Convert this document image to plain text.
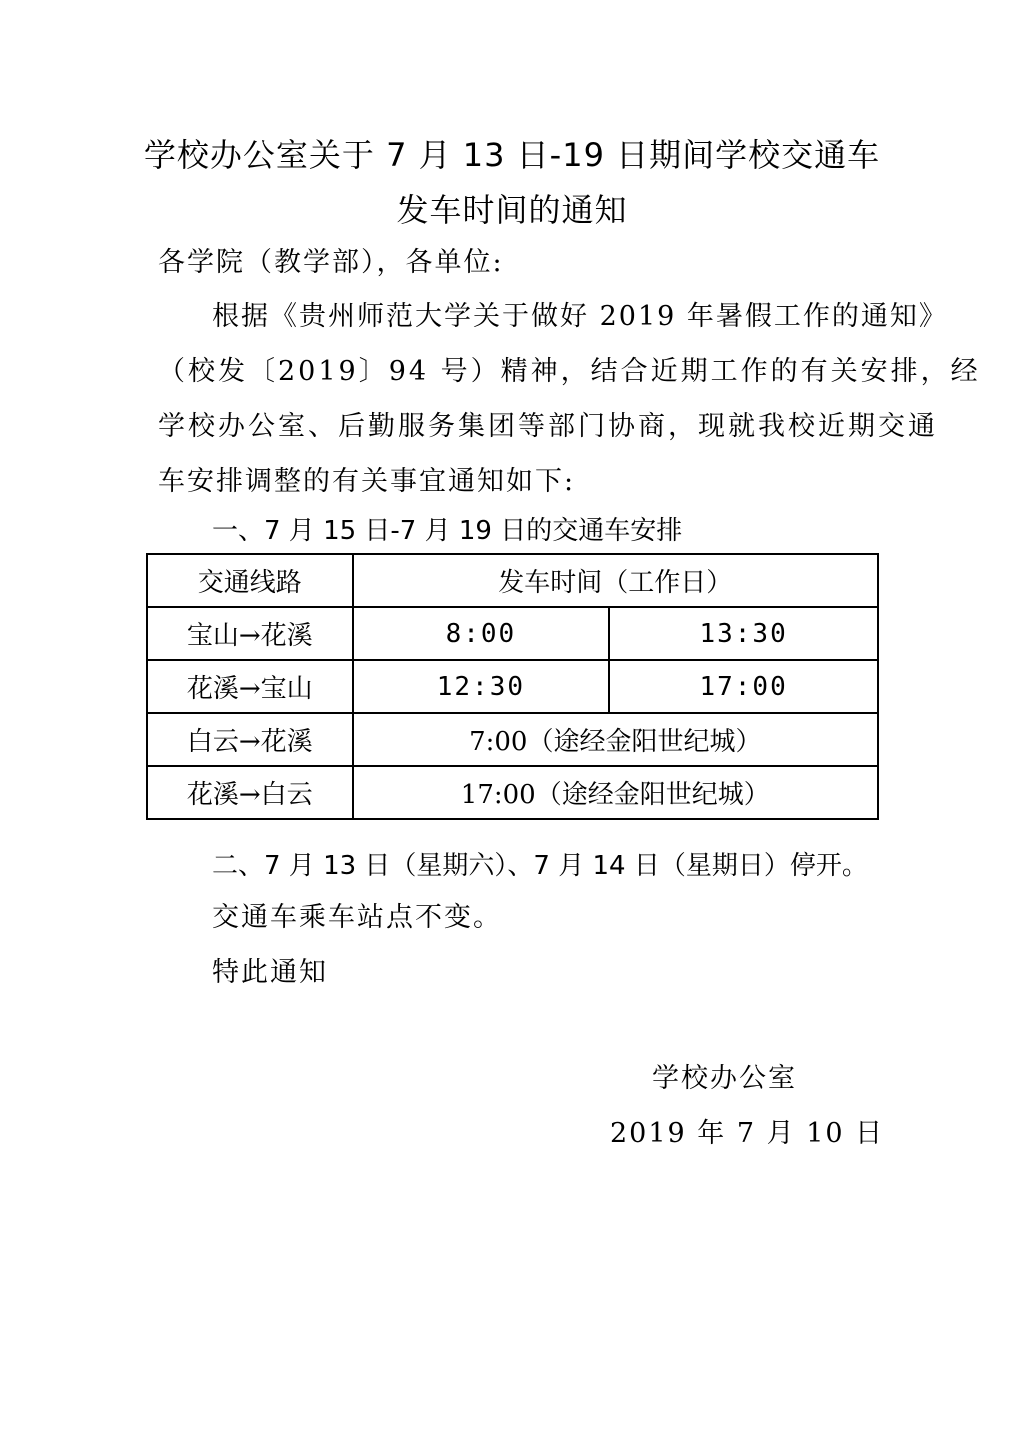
学校办公室关于 7 月 13 日-19 日期间学校交通车
发车时间的通知
各学院（教学部），各单位:
根据《贵州师范大学关于做好 2019 年暑假工作的通知》
（校发〔2019〕94 号）精神，结合近期工作的有关安排，经
学校办公室、后勤服务集团等部门协商，现就我校近期交通
车安排调整的有关事宜通知如下:
一、7 月 15 日-7 月 19 日的交通车安排
交通线路	发车时间（工作日）	
宝山→花溪	8:00	13:30
花溪→宝山	12:30	17:00
白云→花溪	7:00（途经金阳世纪城）	
花溪→白云	17:00（途经金阳世纪城）	
二、7 月 13 日（星期六）、7 月 14 日（星期日）停开。
交通车乘车站点不变。
特此通知
学校办公室
2019 年 7 月 10 日
